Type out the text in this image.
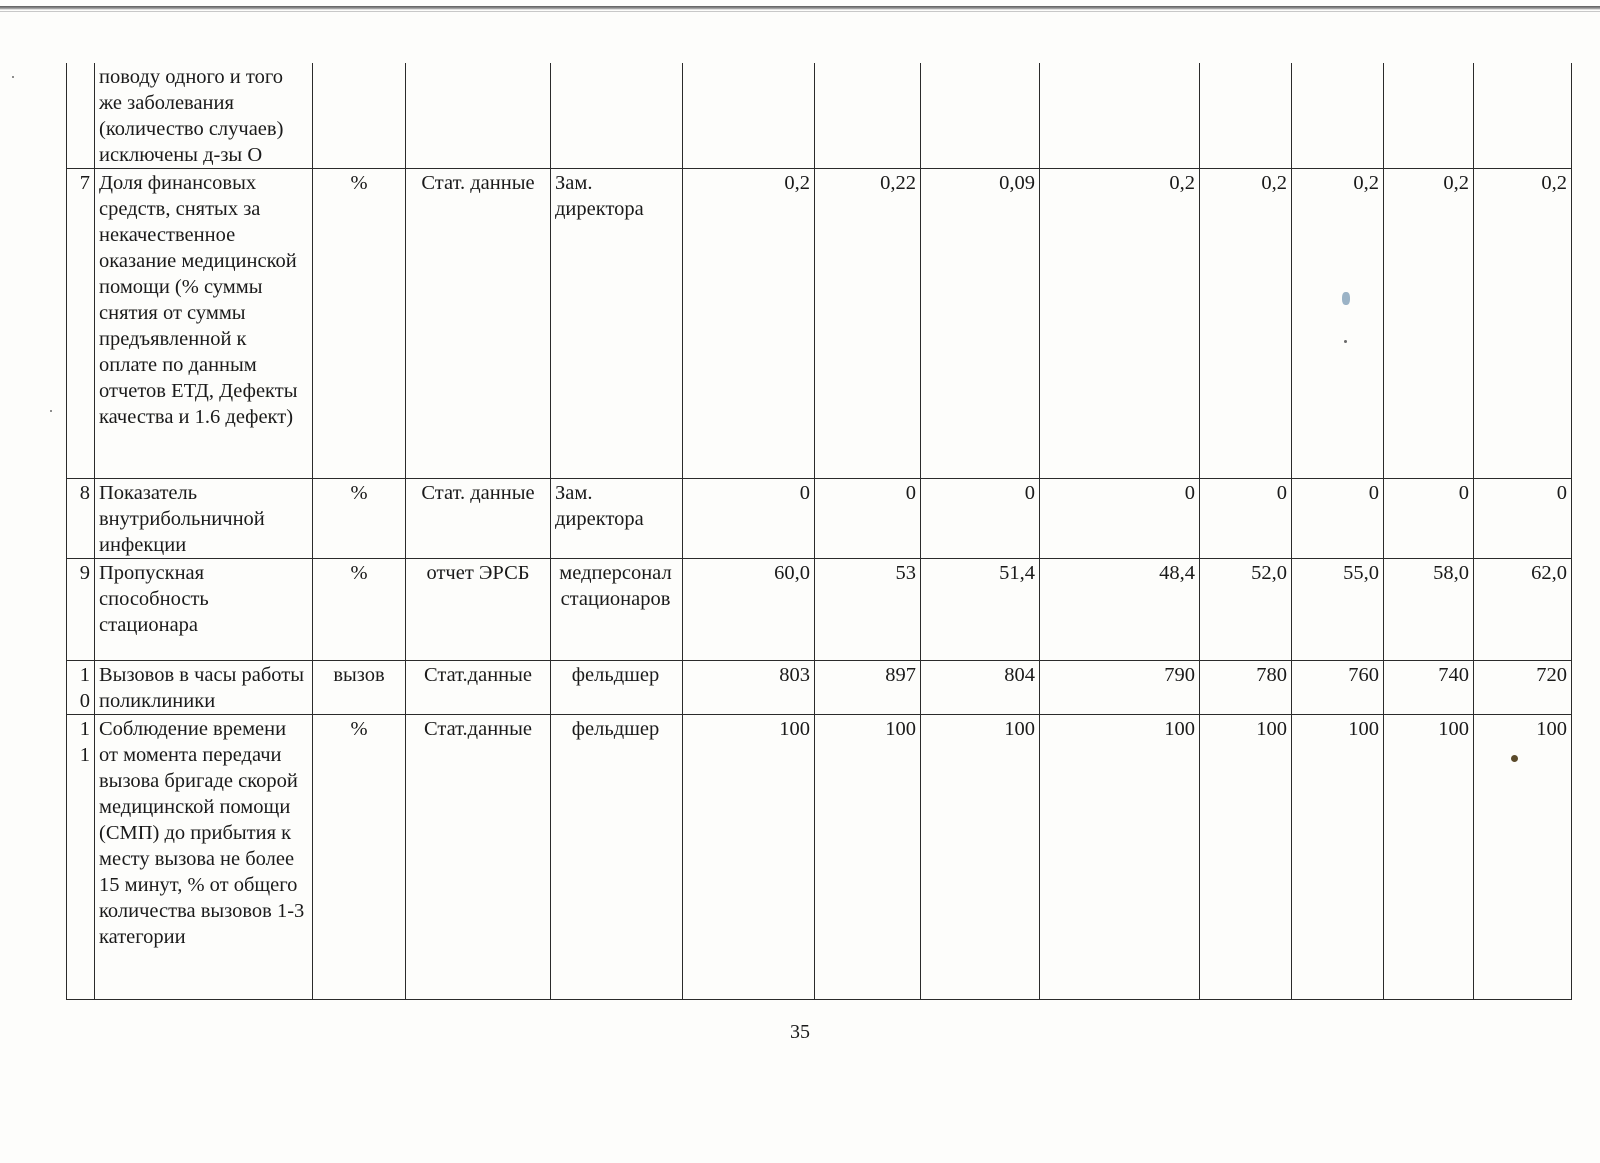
	поводу одного и того же заболевания (количество случаев) исключены д-зы О											
7	Доля финансовых средств, снятых за некачественное оказание медицинской помощи (% суммы снятия от суммы предъявленной к оплате по данным отчетов ЕТД, Дефекты качества и 1.6 дефект)	%	Стат. данные	Зам. директора	0,2	0,22	0,09	0,2	0,2	0,2	0,2	0,2
8	Показатель внутрибольничной инфекции	%	Стат. данные	Зам. директора	0	0	0	0	0	0	0	0
9	Пропускная способность стационара	%	отчет ЭРСБ	медперсонал стационаров	60,0	53	51,4	48,4	52,0	55,0	58,0	62,0
10	Вызовов в часы работы поликлиники	вызов	Стат.данные	фельдшер	803	897	804	790	780	760	740	720
11	Соблюдение времени от момента передачи вызова бригаде скорой медицинской помощи (СМП) до прибытия к месту вызова не более 15 минут, % от общего количества вызовов 1-3 категории	%	Стат.данные	фельдшер	100	100	100	100	100	100	100	100
35
